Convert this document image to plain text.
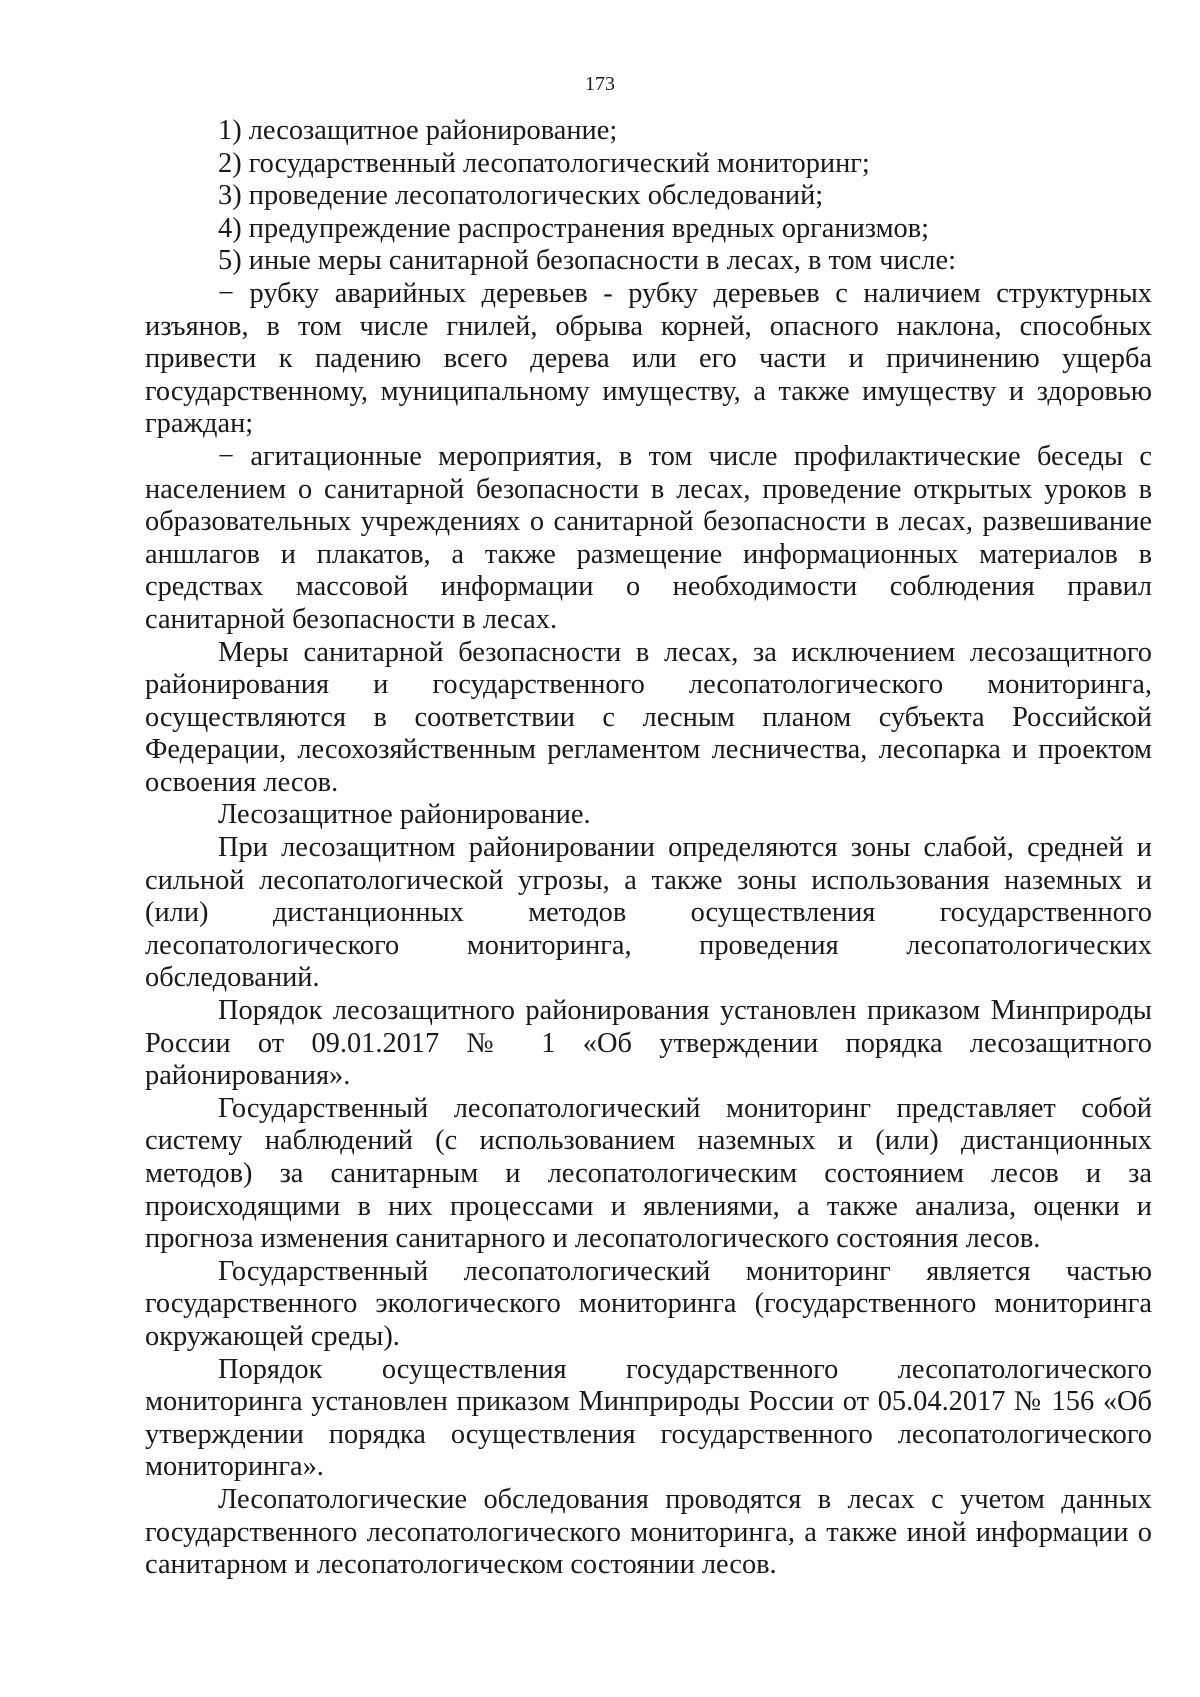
173
1) лесозащитное районирование;
2) государственный лесопатологический мониторинг;
3) проведение лесопатологических обследований;
4) предупреждение распространения вредных организмов;
5) иные меры санитарной безопасности в лесах, в том числе:
− рубку аварийных деревьев - рубку деревьев с наличием структурных
изъянов, в том числе гнилей, обрыва корней, опасного наклона, способных
привести к падению всего дерева или его части и причинению ущерба
государственному, муниципальному имуществу, а также имуществу и здоровью
граждан;
− агитационные мероприятия, в том числе профилактические беседы с
населением о санитарной безопасности в лесах, проведение открытых уроков в
образовательных учреждениях о санитарной безопасности в лесах, развешивание
аншлагов и плакатов, а также размещение информационных материалов в
средствах массовой информации о необходимости соблюдения правил
санитарной безопасности в лесах.
Меры санитарной безопасности в лесах, за исключением лесозащитного
районирования и государственного лесопатологического мониторинга,
осуществляются в соответствии с лесным планом субъекта Российской
Федерации, лесохозяйственным регламентом лесничества, лесопарка и проектом
освоения лесов.
Лесозащитное районирование.
При лесозащитном районировании определяются зоны слабой, средней и
сильной лесопатологической угрозы, а также зоны использования наземных и
(или) дистанционных методов осуществления государственного
лесопатологического мониторинга, проведения лесопатологических
обследований.
Порядок лесозащитного районирования установлен приказом Минприроды
России от 09.01.2017 № 1 «Об утверждении порядка лесозащитного
районирования».
Государственный лесопатологический мониторинг представляет собой
систему наблюдений (с использованием наземных и (или) дистанционных
методов) за санитарным и лесопатологическим состоянием лесов и за
происходящими в них процессами и явлениями, а также анализа, оценки и
прогноза изменения санитарного и лесопатологического состояния лесов.
Государственный лесопатологический мониторинг является частью
государственного экологического мониторинга (государственного мониторинга
окружающей среды).
Порядок осуществления государственного лесопатологического
мониторинга установлен приказом Минприроды России от 05.04.2017 № 156 «Об
утверждении порядка осуществления государственного лесопатологического
мониторинга».
Лесопатологические обследования проводятся в лесах с учетом данных
государственного лесопатологического мониторинга, а также иной информации о
санитарном и лесопатологическом состоянии лесов.
